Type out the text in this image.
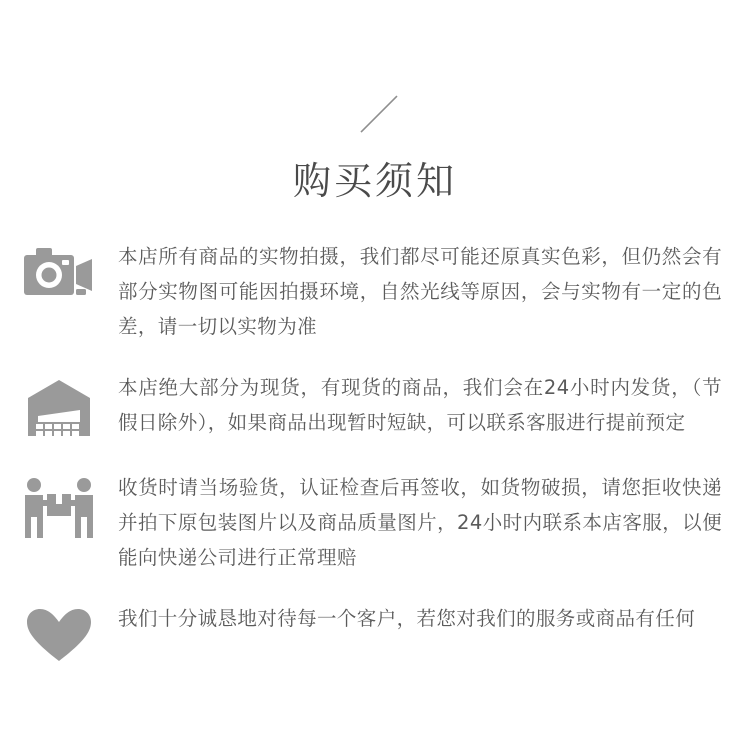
／
购买须知
本店所有商品的实物拍摄，我们都尽可能还原真实色彩，但仍然会有部分实物图可能因拍摄环境，自然光线等原因，会与实物有一定的色差，请一切以实物为准
本店绝大部分为现货，有现货的商品，我们会在24小时内发货，（节假日除外），如果商品出现暂时短缺，可以联系客服进行提前预定
收货时请当场验货，认证检查后再签收，如货物破损，请您拒收快递并拍下原包装图片以及商品质量图片，24小时内联系本店客服，以便能向快递公司进行正常理赔
我们十分诚恳地对待每一个客户，若您对我们的服务或商品有任何
